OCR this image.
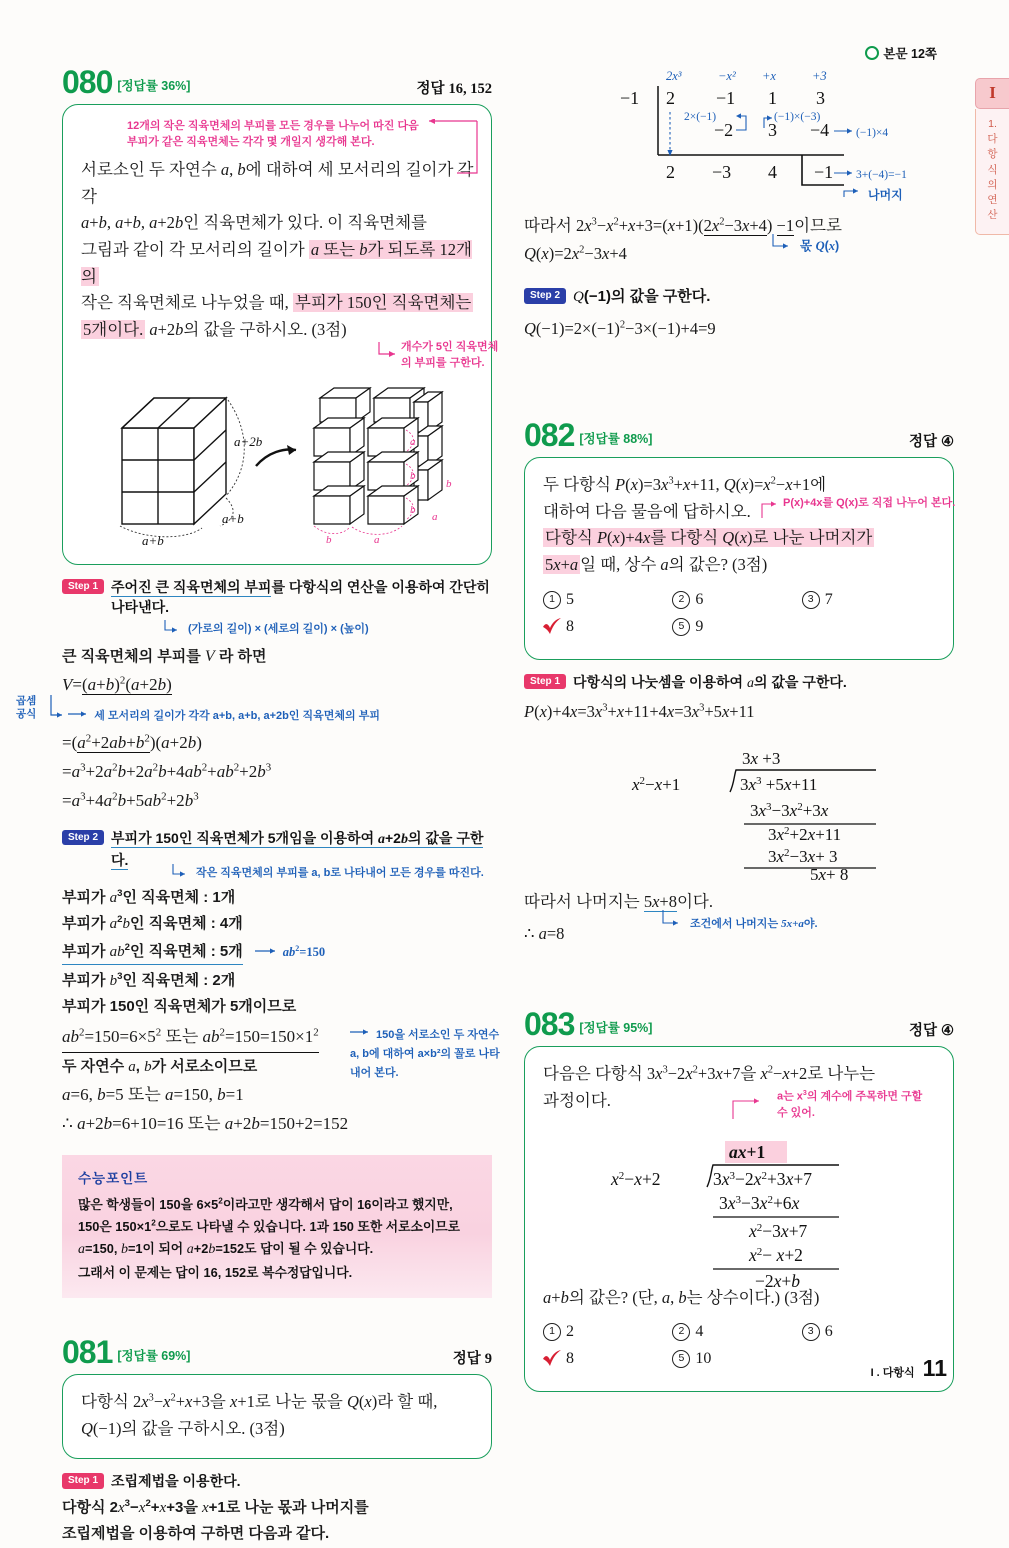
본문 12쪽
I
1.
다
항
식
의
연
산
080 [정답률 36%]	정답 16, 152
12개의 작은 직육면체의 부피를 모든 경우를 나누어 따진 다음 부피가 같은 직육면체는 각각 몇 개일지 생각해 본다.
서로소인 두 자연수 a, b에 대하여 세 모서리의 길이가 각각
a+b, a+b, a+2b인 직육면체가 있다. 이 직육면체를
그림과 같이 각 모서리의 길이가 a 또는 b가 되도록 12개의
작은 직육면체로 나누었을 때, 부피가 150인 직육면체는
5개이다. a+2b의 값을 구하시오. (3점)
개수가 5인 직육면체의 부피를 구한다.
a+2b
a+b
a+b
a
b
b
b
a
b	a
Step 1 주어진 큰 직육면체의 부피를 다항식의 연산을 이용하여 간단히 나타낸다.
(가로의 길이) × (세로의 길이) × (높이)
큰 직육면체의 부피를 V 라 하면
곱셈
공식
$V=(a+b)^2(a+2b)$  세 모서리의 길이가 각각 a+b, a+b, a+2b인 직육면체의 부피
$=(a^2+2ab+b^2)(a+2b)$
$=a^3+2a^2b+2a^2b+4ab^2+ab^2+2b^3$
$=a^3+4a^2b+5ab^2+2b^3$
Step 2 부피가 150인 직육면체가 5개임을 이용하여 a+2b의 값을 구한다.
작은 직육면체의 부피를 a, b로 나타내어 모든 경우를 따진다.
부피가 $a^3$인 직육면체 : 1개
부피가 $a^2b$인 직육면체 : 4개
부피가 $ab^2$인 직육면체 : 5개	$ab^2=150$
부피가 $b^3$인 직육면체 : 2개
부피가 150인 직육면체가 5개이므로
$ab^2=150=6\times 5^2$ 또는 $ab^2=150=150\times 1^2$	150을 서로소인 두 자연수 a, b에 대하여 a×b²의 꼴로 나타내어 본다.
두 자연수 a, b가 서로소이므로
a=6, b=5 또는 a=150, b=1
∴ a+2b=6+10=16 또는 a+2b=150+2=152
수능포인트

많은 학생들이 150을 $6\times 5^2$이라고만 생각해서 답이 16이라고 했지만,

150은 $150\times 1^2$으로도 나타낼 수 있습니다. 1과 150 또한 서로소이므로

a=150, b=1이 되어 a+2b=152도 답이 될 수 있습니다.

그래서 이 문제는 답이 16, 152로 복수정답입니다.

081 [정답률 69%]	정답 9
다항식 $2x^3-x^2+x+3$을 x+1로 나눈 몫을 Q(x)라 할 때,
Q(−1)의 값을 구하시오. (3점)
Step 1 조립제법을 이용한다.
다항식 $2x^3-x^2+x+3$을 x+1로 나눈 몫과 나머지를
조립제법을 이용하여 구하면 다음과 같다.
2x³	−x² +x	+3
−1 2 −1 1 3
−2 3 −4
2 −3 4 −1
2×(−1)	(−1)×(−3)
(−1)×4
3+(−4)=−1
나머지
따라서 $2x^3-x^2+x+3=(x+1)(2x^2-3x+4) -1$이므로
$Q(x)=2x^2-3x+4$	몫 Q(x)
Step 2 Q(−1)의 값을 구한다.
$Q(-1)=2\times(-1)^2-3\times(-1)+4=9$
082 [정답률 88%]	정답 ④
두 다항식 $P(x)=3x^3+x+11$, $Q(x)=x^2-x+1$에
대하여 다음 물음에 답하시오.
다항식 P(x)+4x를 다항식 Q(x)로 나눈 나머지가
5x+a 일 때, 상수 a의 값은? (3점)
P(x)+4x를 Q(x)로 직접 나누어 본다.
1 5	2 6	3 7
8	5 9
Step 1 다항식의 나눗셈을 이용하여 a의 값을 구한다.
$P(x)+4x=3x^3+x+11+4x=3x^3+5x+11$
3x +3
$x^2-x+1$	$3x^3 +5x+11$
$3x^3-3x^2+3x$
$3x^2+2x+11$
$3x^2-3x+ 3$
5x+ 8
따라서 나머지는 5x+8이다.
∴ a=8
조건에서 나머지는 5x+a야.
083 [정답률 95%]	정답 ④
다음은 다항식 $3x^3-2x^2+3x+7$을 $x^2-x+2$로 나누는
과정이다.	a는 $x^3$의 계수에 주목하면 구할 수 있어.
ax+1
$x^2-x+2$	$3x^3-2x^2+3x+7$
$3x^3-3x^2+6x$
$x^2-3x+7$
$x^2- x+2$
−2x+b
a+b의 값은? (단, a, b는 상수이다.) (3점)
1 2	2 4	3 6
8	5 10
I . 다항식 11
